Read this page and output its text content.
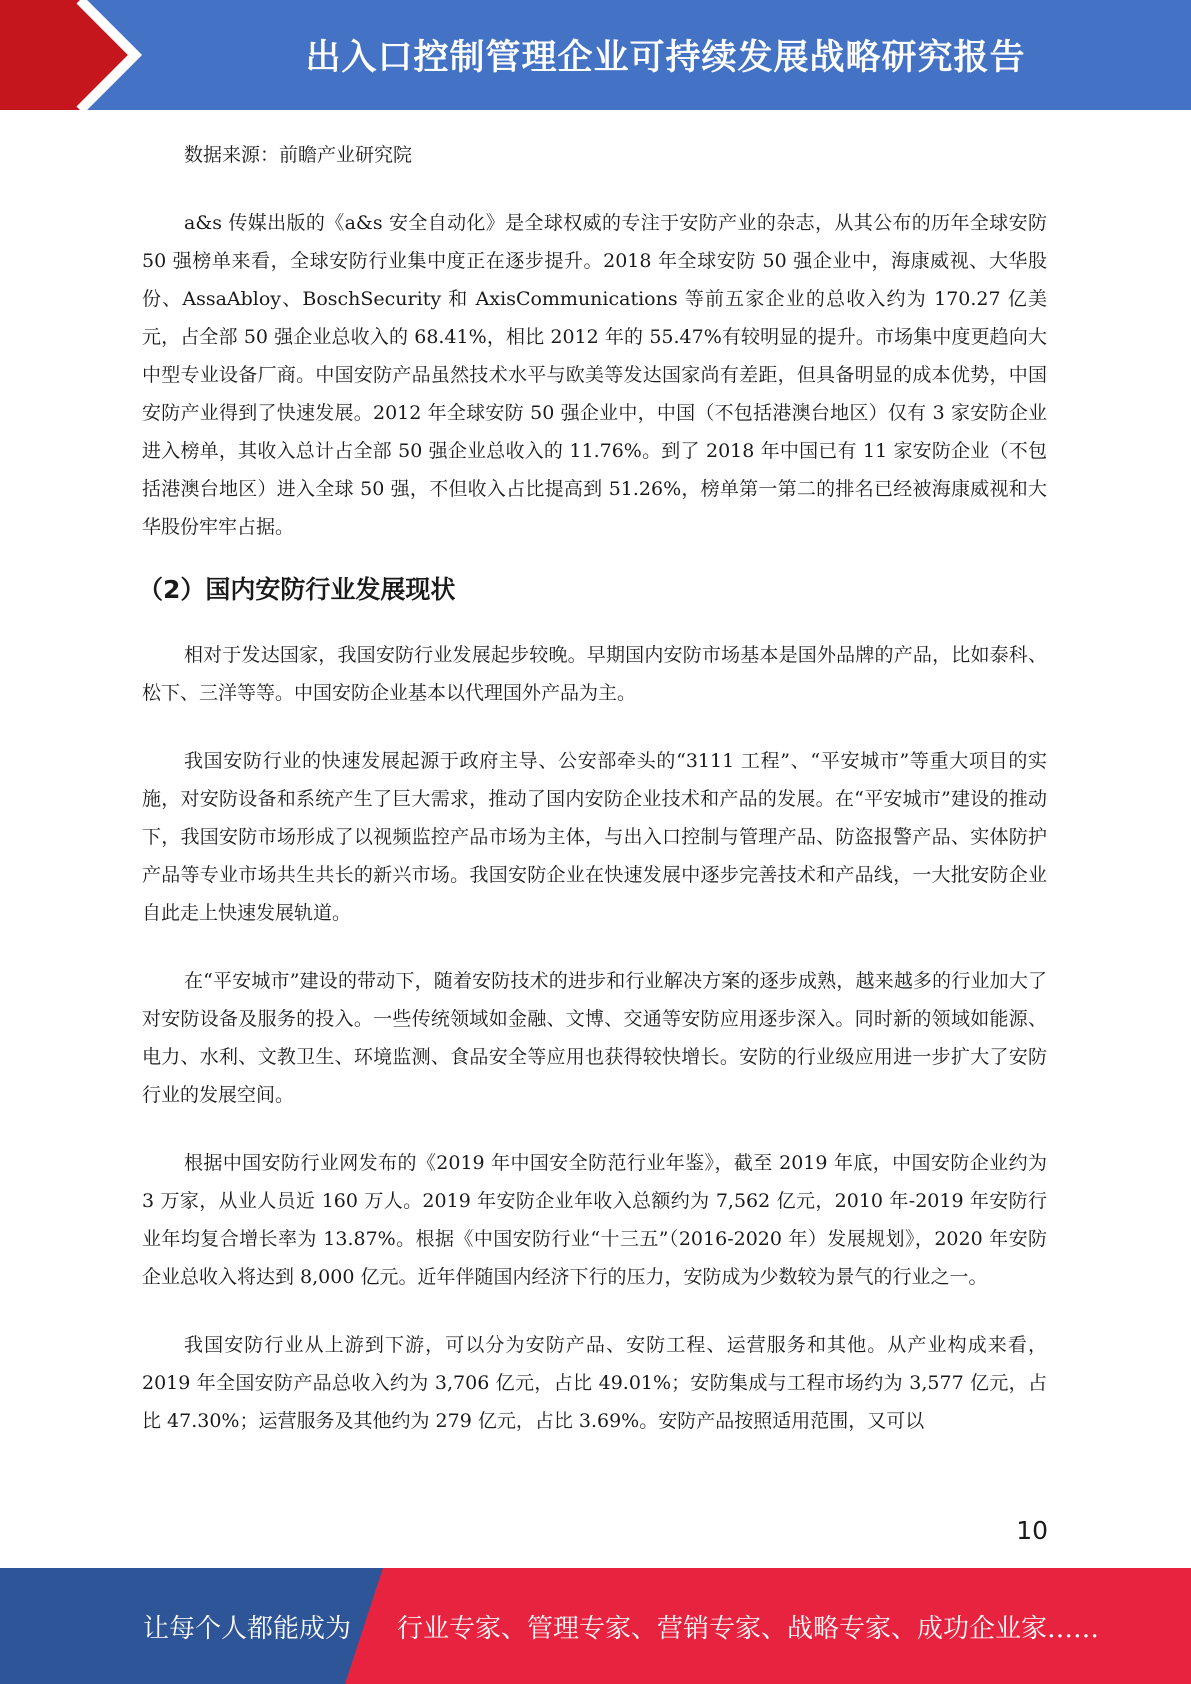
出入口控制管理企业可持续发展战略研究报告

数据来源：前瞻产业研究院

a&s 传媒出版的《a&s 安全自动化》是全球权威的专注于安防产业的杂志，从其公布的历年全球安防 50 强榜单来看，全球安防行业集中度正在逐步提升。2018 年全球安防 50 强企业中，海康威视、大华股份、AssaAbloy、BoschSecurity 和 AxisCommunications 等前五家企业的总收入约为 170.27 亿美元，占全部 50 强企业总收入的 68.41%，相比 2012 年的 55.47%有较明显的提升。市场集中度更趋向大中型专业设备厂商。中国安防产品虽然技术水平与欧美等发达国家尚有差距，但具备明显的成本优势，中国安防产业得到了快速发展。2012 年全球安防 50 强企业中，中国（不包括港澳台地区）仅有 3 家安防企业进入榜单，其收入总计占全部 50 强企业总收入的 11.76%。到了 2018 年中国已有 11 家安防企业（不包括港澳台地区）进入全球 50 强，不但收入占比提高到 51.26%，榜单第一第二的排名已经被海康威视和大华股份牢牢占据。

（2）国内安防行业发展现状

相对于发达国家，我国安防行业发展起步较晚。早期国内安防市场基本是国外品牌的产品，比如泰科、松下、三洋等等。中国安防企业基本以代理国外产品为主。

我国安防行业的快速发展起源于政府主导、公安部牵头的“3111 工程”、“平安城市”等重大项目的实施，对安防设备和系统产生了巨大需求，推动了国内安防企业技术和产品的发展。在“平安城市”建设的推动下，我国安防市场形成了以视频监控产品市场为主体，与出入口控制与管理产品、防盗报警产品、实体防护产品等专业市场共生共长的新兴市场。我国安防企业在快速发展中逐步完善技术和产品线，一大批安防企业自此走上快速发展轨道。

在“平安城市”建设的带动下，随着安防技术的进步和行业解决方案的逐步成熟，越来越多的行业加大了对安防设备及服务的投入。一些传统领域如金融、文博、交通等安防应用逐步深入。同时新的领域如能源、电力、水利、文教卫生、环境监测、食品安全等应用也获得较快增长。安防的行业级应用进一步扩大了安防行业的发展空间。

根据中国安防行业网发布的《2019 年中国安全防范行业年鉴》，截至 2019 年底，中国安防企业约为 3 万家，从业人员近 160 万人。2019 年安防企业年收入总额约为 7,562 亿元，2010 年-2019 年安防行业年均复合增长率为 13.87%。根据《中国安防行业“十三五”（2016-2020 年）发展规划》，2020 年安防企业总收入将达到 8,000 亿元。近年伴随国内经济下行的压力，安防成为少数较为景气的行业之一。

我国安防行业从上游到下游，可以分为安防产品、安防工程、运营服务和其他。从产业构成来看，2019 年全国安防产品总收入约为 3,706 亿元，占比 49.01%；安防集成与工程市场约为 3,577 亿元，占比 47.30%；运营服务及其他约为 279 亿元，占比 3.69%。安防产品按照适用范围，又可以

10
让每个人都能成为 行业专家、管理专家、营销专家、战略专家、成功企业家……
